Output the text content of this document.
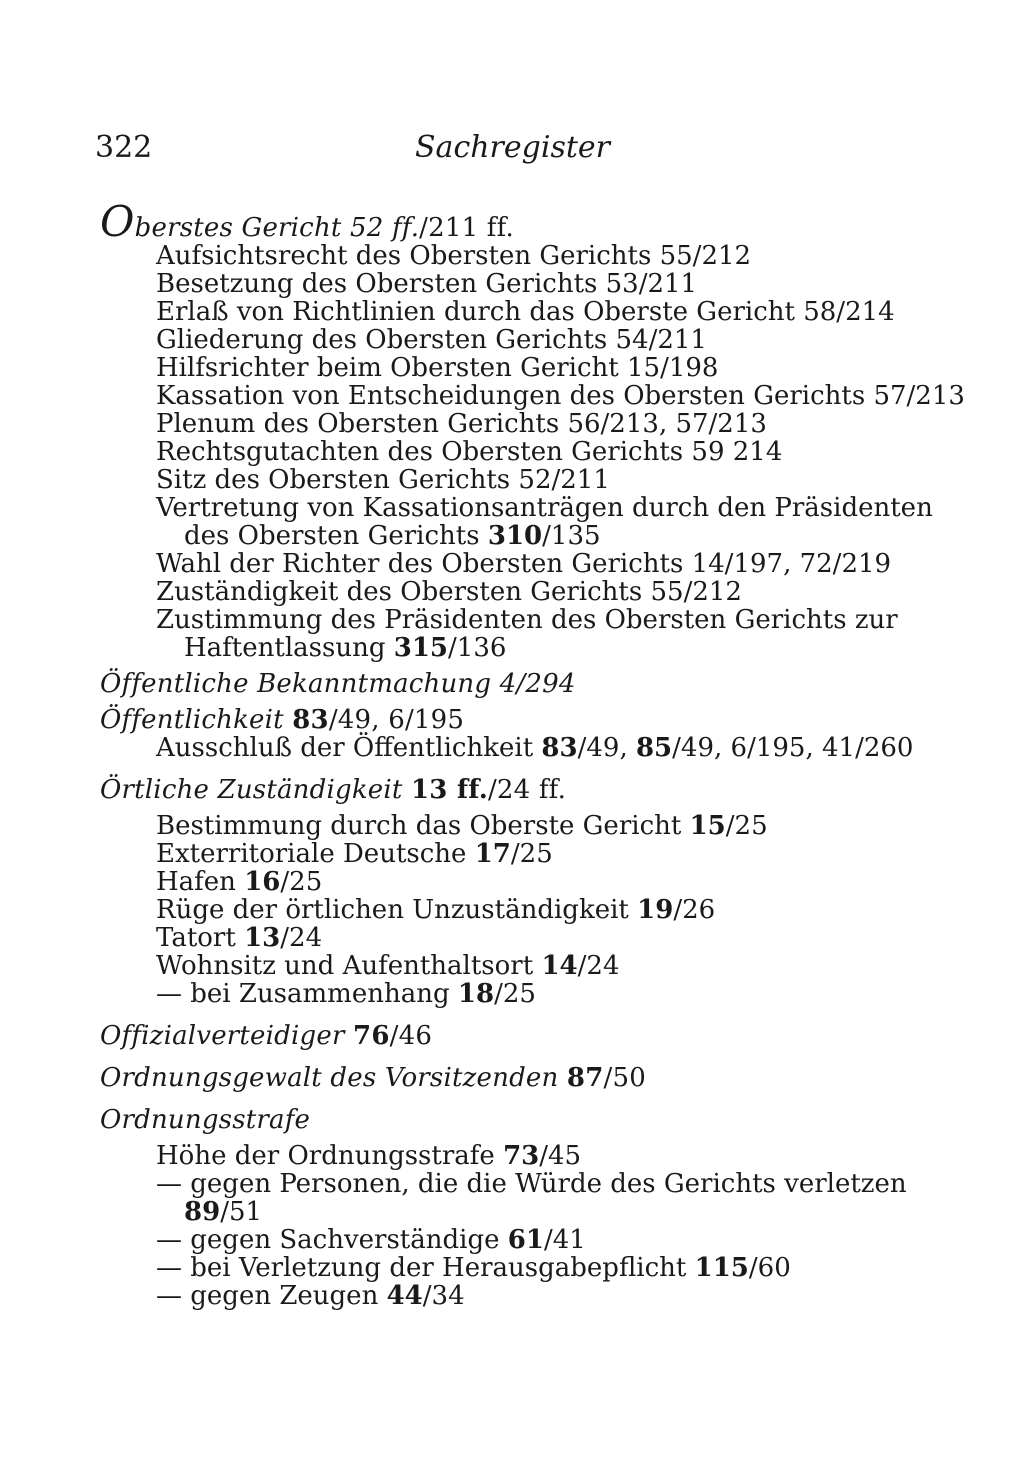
322	Sachregister
Oberstes Gericht 52 ff./211 ff.
Aufsichtsrecht des Obersten Gerichts 55/212
Besetzung des Obersten Gerichts 53/211
Erlaß von Richtlinien durch das Oberste Gericht 58/214
Gliederung des Obersten Gerichts 54/211
Hilfsrichter beim Obersten Gericht 15/198
Kassation von Entscheidungen des Obersten Gerichts 57/213
Plenum des Obersten Gerichts 56/213, 57/213
Rechtsgutachten des Obersten Gerichts 59 214
Sitz des Obersten Gerichts 52/211
Vertretung von Kassationsanträgen durch den Präsidenten des Obersten Gerichts 310/135
Wahl der Richter des Obersten Gerichts 14/197, 72/219
Zuständigkeit des Obersten Gerichts 55/212
Zustimmung des Präsidenten des Obersten Gerichts zur Haftentlassung 315/136
Öffentliche Bekanntmachung 4/294
Öffentlichkeit 83/49, 6/195
Ausschluß der Öffentlichkeit 83/49, 85/49, 6/195, 41/260
Örtliche Zuständigkeit 13 ff./24 ff.
Bestimmung durch das Oberste Gericht 15/25
Exterritoriale Deutsche 17/25
Hafen 16/25
Rüge der örtlichen Unzuständigkeit 19/26
Tatort 13/24
Wohnsitz und Aufenthaltsort 14/24
— bei Zusammenhang 18/25
Offizialverteidiger 76/46
Ordnungsgewalt des Vorsitzenden 87/50
Ordnungsstrafe
Höhe der Ordnungsstrafe 73/45
— gegen Personen, die die Würde des Gerichts verletzen 89/51
— gegen Sachverständige 61/41
— bei Verletzung der Herausgabepflicht 115/60
— gegen Zeugen 44/34
